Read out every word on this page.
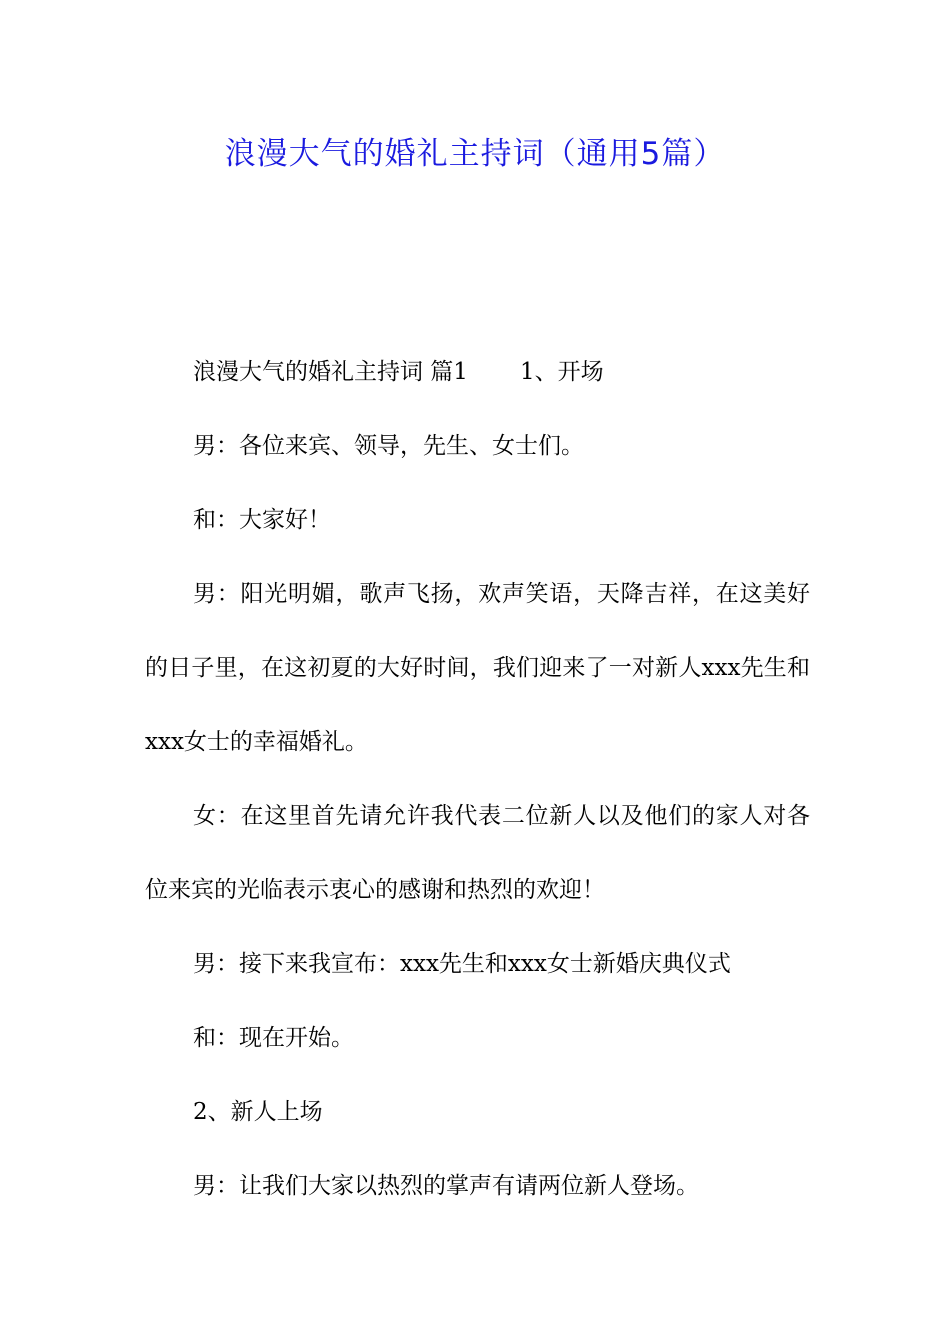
浪漫大气的婚礼主持词（通用5篇）

浪漫大气的婚礼主持词 篇1 1、开场

男：各位来宾、领导，先生、女士们。

和：大家好！

男：阳光明媚，歌声飞扬，欢声笑语，天降吉祥，在这美好的日子里，在这初夏的大好时间，我们迎来了一对新人xxx先生和xxx女士的幸福婚礼。

女：在这里首先请允许我代表二位新人以及他们的家人对各位来宾的光临表示衷心的感谢和热烈的欢迎！

男：接下来我宣布：xxx先生和xxx女士新婚庆典仪式

和：现在开始。

2、新人上场

男：让我们大家以热烈的掌声有请两位新人登场。
